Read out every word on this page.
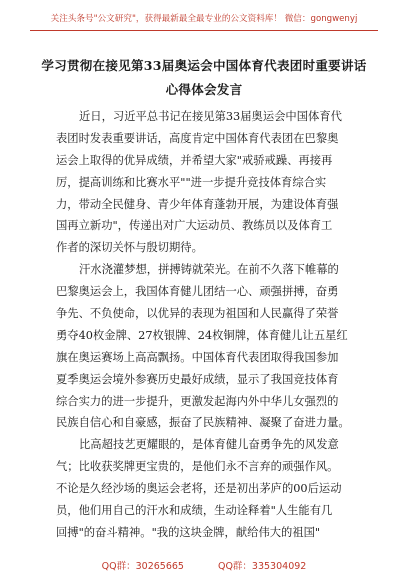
关注头条号"公文研究"，获得最新最全最专业的公文资料库！ 微信：gongwenyj
学习贯彻在接见第33届奥运会中国体育代表团时重要讲话
心得体会发言
近日，习近平总书记在接见第33届奥运会中国体育代
表团时发表重要讲话，高度肯定中国体育代表团在巴黎奥
运会上取得的优异成绩，并希望大家"戒骄戒躁、再接再
厉，提高训练和比赛水平""进一步提升竞技体育综合实
力，带动全民健身、青少年体育蓬勃开展，为建设体育强
国再立新功"，传递出对广大运动员、教练员以及体育工
作者的深切关怀与殷切期待。
汗水浇灌梦想，拼搏铸就荣光。在前不久落下帷幕的
巴黎奥运会上，我国体育健儿团结一心、顽强拼搏，奋勇
争先、不负使命，以优异的表现为祖国和人民赢得了荣誉
勇夺40枚金牌、27枚银牌、24枚铜牌，体育健儿让五星红
旗在奥运赛场上高高飘扬。中国体育代表团取得我国参加
夏季奥运会境外参赛历史最好成绩，显示了我国竞技体育
综合实力的进一步提升，更激发起海内外中华儿女强烈的
民族自信心和自豪感，振奋了民族精神、凝聚了奋进力量。
比高超技艺更耀眼的，是体育健儿奋勇争先的风发意
气；比收获奖牌更宝贵的，是他们永不言弃的顽强作风。
不论是久经沙场的奥运会老将，还是初出茅庐的00后运动
员，他们用自己的汗水和成绩，生动诠释着"人生能有几
回搏"的奋斗精神。"我的这块金牌，献给伟大的祖国"
QQ群：30265665	QQ群：335304092
